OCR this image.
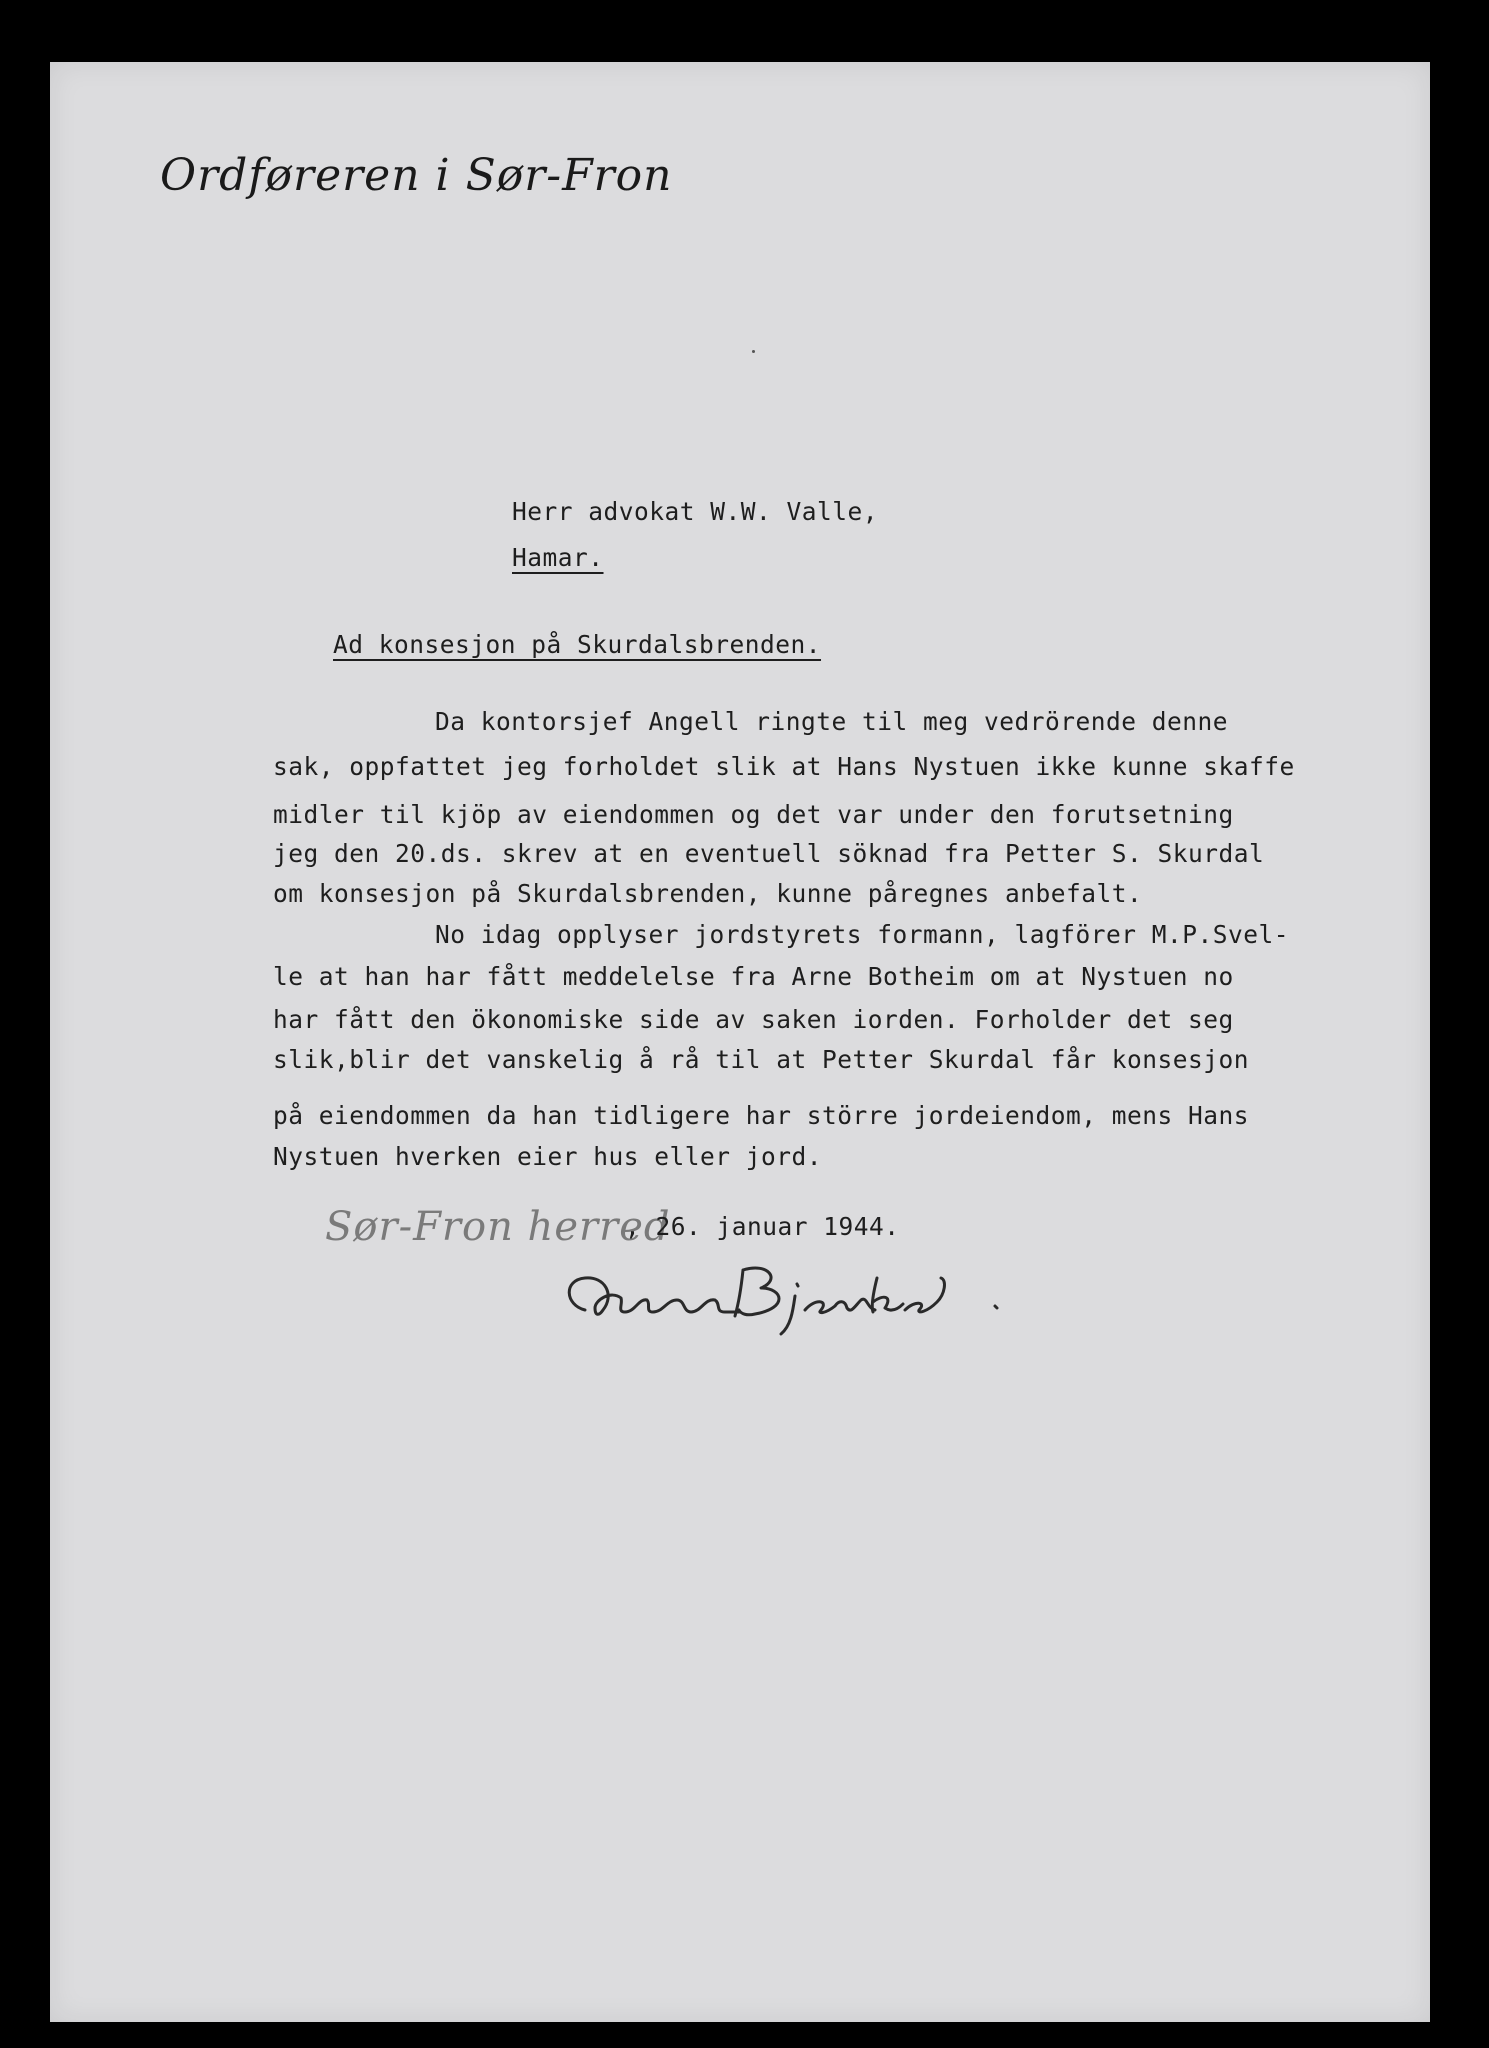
Ordføreren i Sør-Fron
Herr advokat W.W. Valle,
Hamar.
Ad konsesjon på Skurdalsbrenden.
Da kontorsjef Angell ringte til meg vedrörende denne
sak, oppfattet jeg forholdet slik at Hans Nystuen ikke kunne skaffe
midler til kjöp av eiendommen og det var under den forutsetning
jeg den 20.ds. skrev at en eventuell söknad fra Petter S. Skurdal
om konsesjon på Skurdalsbrenden, kunne påregnes anbefalt.
No idag opplyser jordstyrets formann, lagförer M.P.Svel-
le at han har fått meddelelse fra Arne Botheim om at Nystuen no
har fått den ökonomiske side av saken iorden. Forholder det seg
slik,blir det vanskelig å rå til at Petter Skurdal får konsesjon
på eiendommen da han tidligere har större jordeiendom, mens Hans
Nystuen hverken eier hus eller jord.
Sør-Fron herred
, 26. januar 1944.
